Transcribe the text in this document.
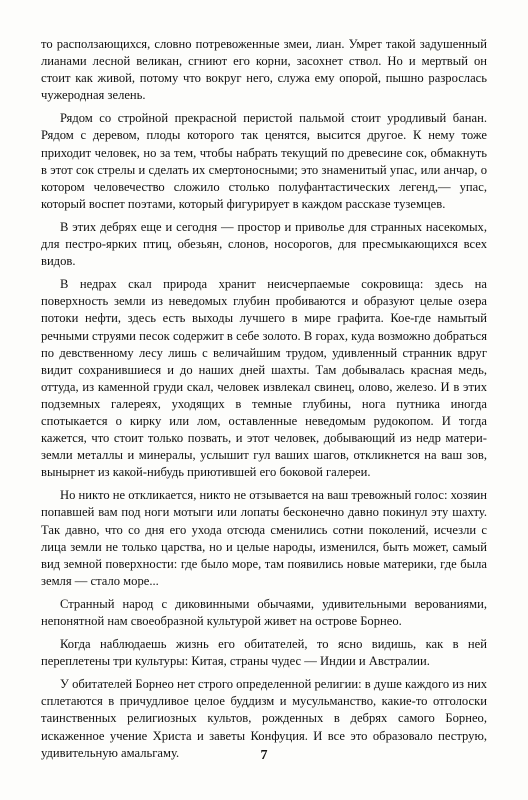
то расползающихся, словно потревоженные змеи, лиан. Умрет такой задушенный лианами лесной великан, сгниют его корни, засохнет ствол. Но и мертвый он стоит как живой, потому что вокруг него, служа ему опорой, пышно разрослась чужеродная зелень.

Рядом со стройной прекрасной перистой пальмой стоит уродливый банан. Рядом с деревом, плоды которого так ценятся, высится другое. К нему тоже приходит человек, но за тем, чтобы набрать текущий по древесине сок, обмакнуть в этот сок стрелы и сделать их смертоносными; это знаменитый упас, или анчар, о котором человечество сложило столько полуфантастических легенд,— упас, который воспет поэтами, который фигурирует в каждом рассказе туземцев.

В этих дебрях еще и сегодня — простор и приволье для странных насекомых, для пестро-ярких птиц, обезьян, слонов, носорогов, для пресмыкающихся всех видов.

В недрах скал природа хранит неисчерпаемые сокровища: здесь на поверхность земли из неведомых глубин пробиваются и образуют целые озера потоки нефти, здесь есть выходы лучшего в мире графита. Кое-где намытый речными струями песок содержит в себе золото. В горах, куда возможно добраться по девственному лесу лишь с величайшим трудом, удивленный странник вдруг видит сохранившиеся и до наших дней шахты. Там добывалась красная медь, оттуда, из каменной груди скал, человек извлекал свинец, олово, железо. И в этих подземных галереях, уходящих в темные глубины, нога путника иногда спотыкается о кирку или лом, оставленные неведомым рудокопом. И тогда кажется, что стоит только позвать, и этот человек, добывающий из недр матери-земли металлы и минералы, услышит гул ваших шагов, откликнется на ваш зов, вынырнет из какой-нибудь приютившей его боковой галереи.

Но никто не откликается, никто не отзывается на ваш тревожный голос: хозяин попавшей вам под ноги мотыги или лопаты бесконечно давно покинул эту шахту. Так давно, что со дня его ухода отсюда сменились сотни поколений, исчезли с лица земли не только царства, но и целые народы, изменился, быть может, самый вид земной поверхности: где было море, там появились новые материки, где была земля — стало море...

Странный народ с диковинными обычаями, удивительными верованиями, непонятной нам своеобразной культурой живет на острове Борнео.

Когда наблюдаешь жизнь его обитателей, то ясно видишь, как в ней переплетены три культуры: Китая, страны чудес — Индии и Австралии.

У обитателей Борнео нет строго определенной религии: в душе каждого из них сплетаются в причудливое целое буддизм и мусульманство, какие-то отголоски таинственных религиозных культов, рожденных в дебрях самого Борнео, искаженное учение Христа и заветы Конфуция. И все это образовало пеструю, удивительную амальгаму.	7
